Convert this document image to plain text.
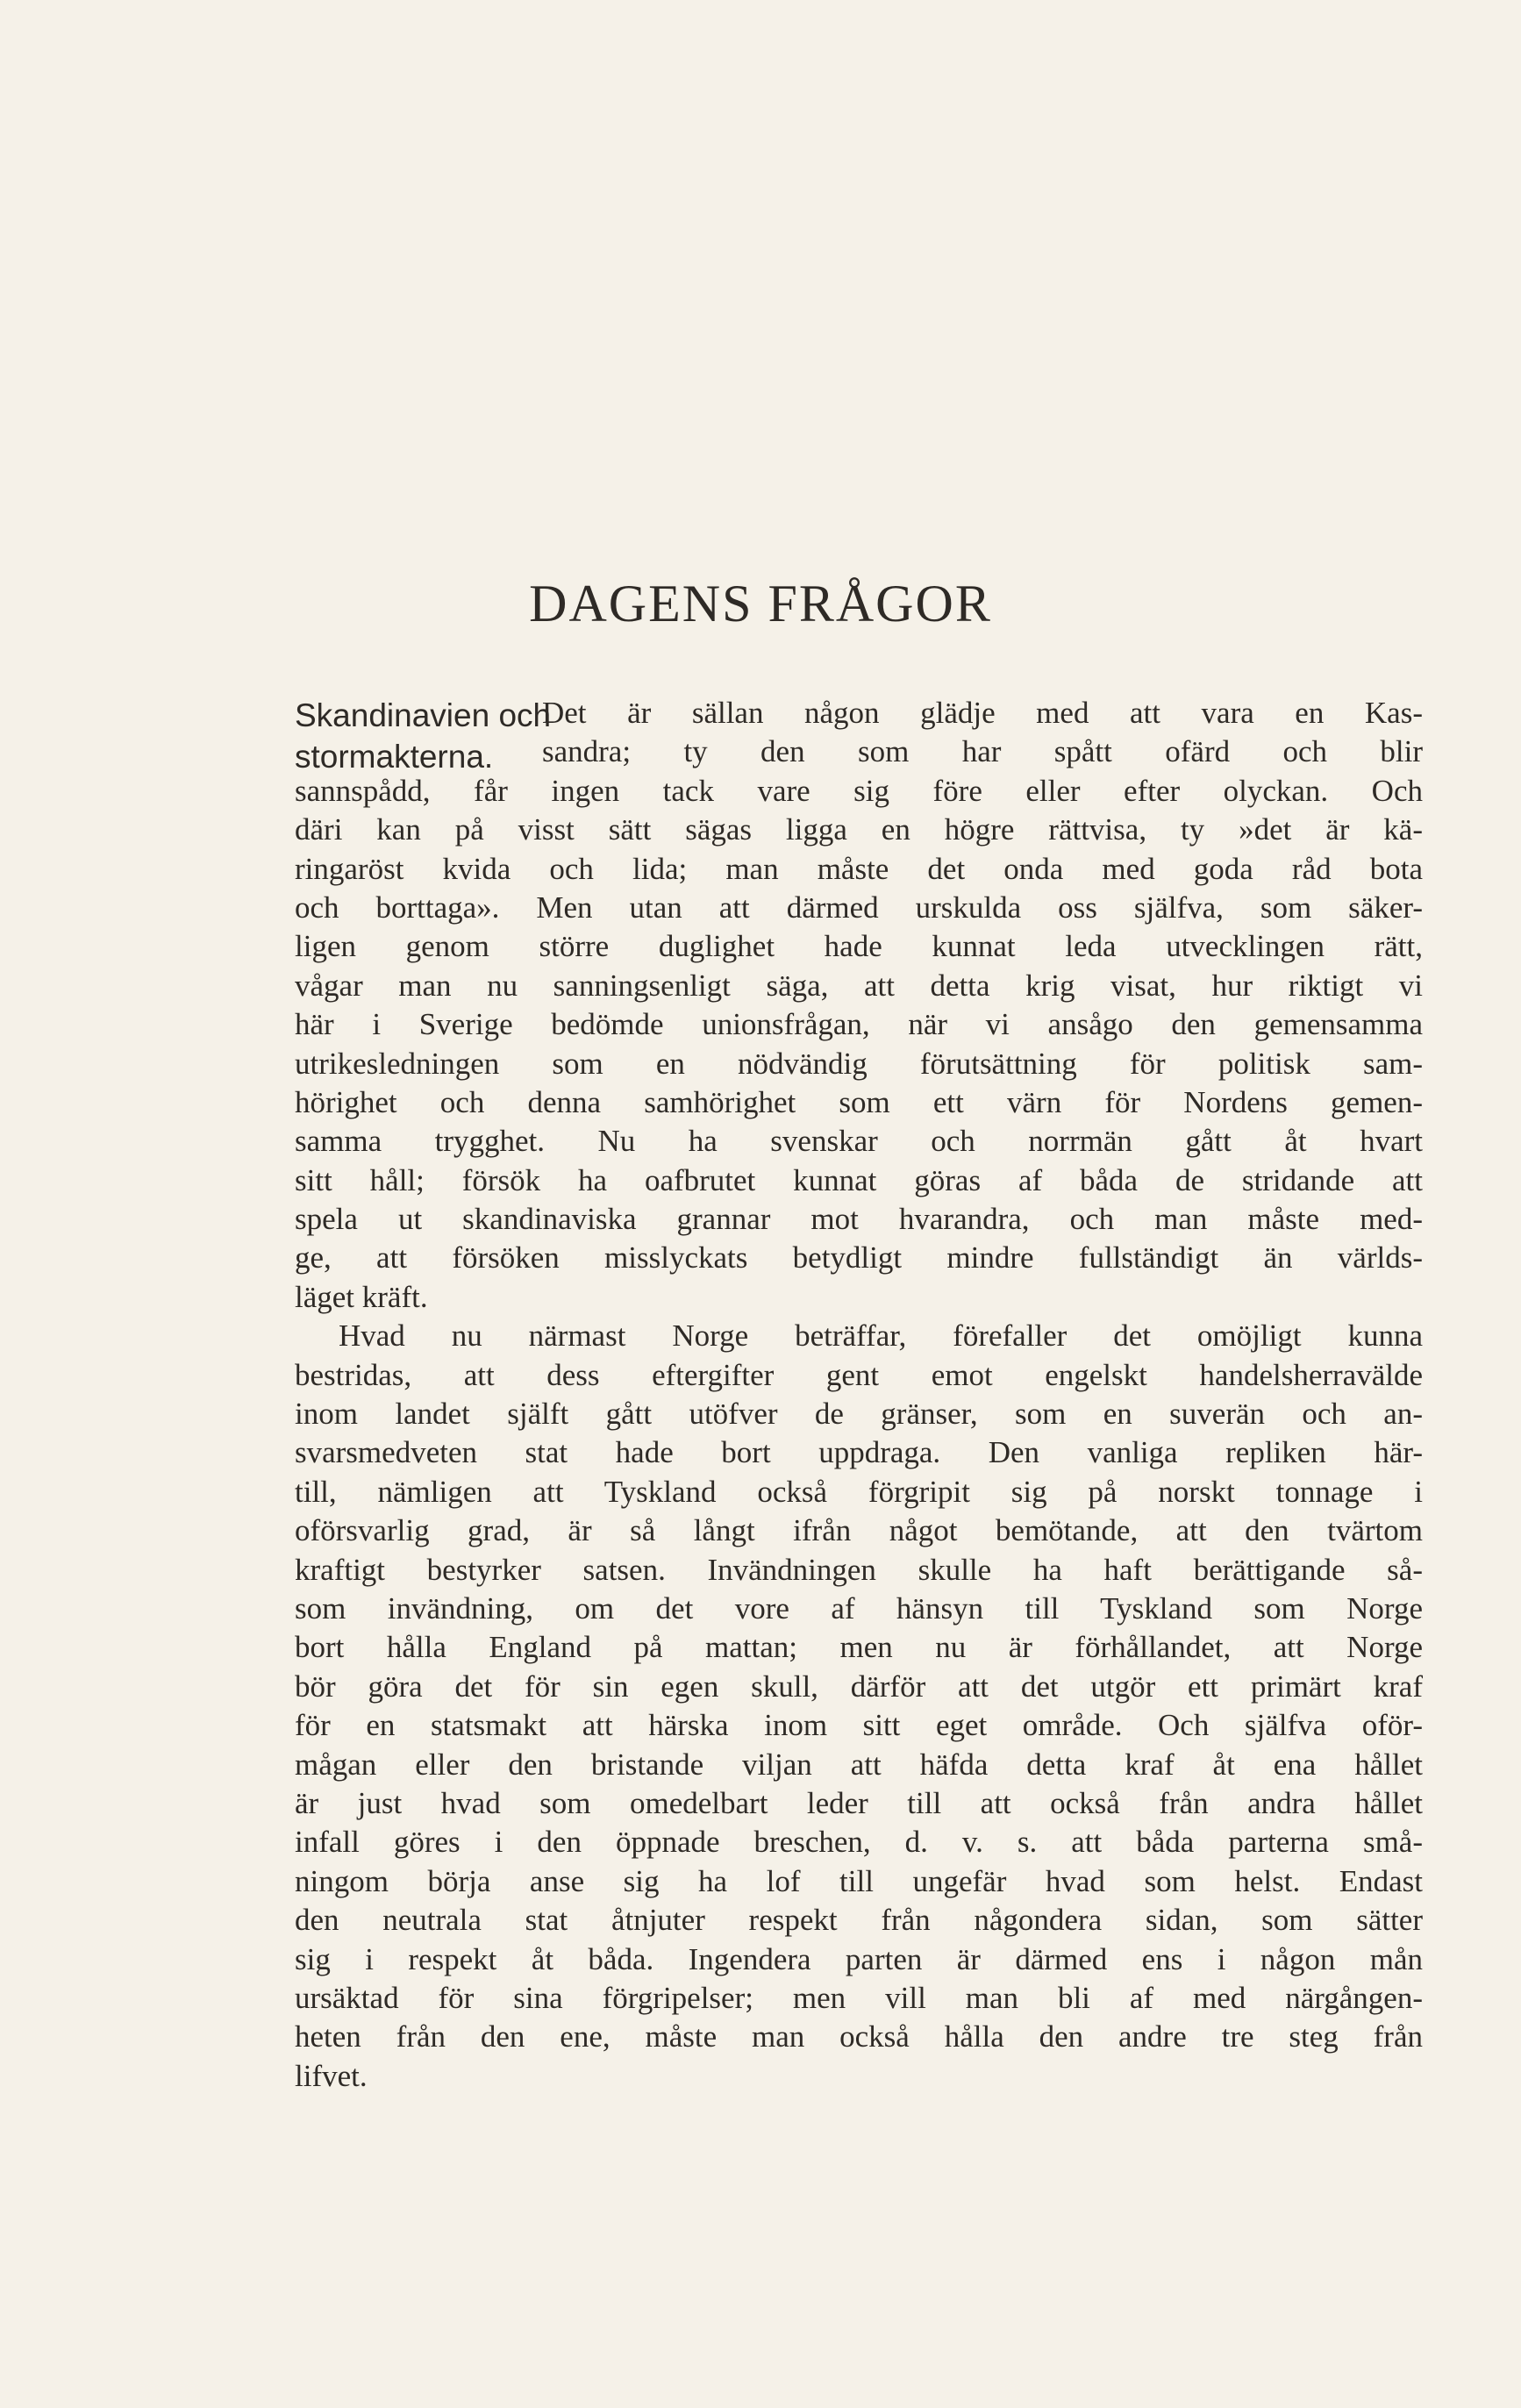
DAGENS FRÅGOR
Skandinavien och
stormakterna.
Det är sällan någon glädje med att vara en Kas-
sandra; ty den som har spått ofärd och blir
sannspådd, får ingen tack vare sig före eller efter olyckan. Och
däri kan på visst sätt sägas ligga en högre rättvisa, ty »det är kä-
ringaröst kvida och lida; man måste det onda med goda råd bota
och borttaga». Men utan att därmed urskulda oss själfva, som säker-
ligen genom större duglighet hade kunnat leda utvecklingen rätt,
vågar man nu sanningsenligt säga, att detta krig visat, hur riktigt vi
här i Sverige bedömde unionsfrågan, när vi ansågo den gemensamma
utrikesledningen som en nödvändig förutsättning för politisk sam-
hörighet och denna samhörighet som ett värn för Nordens gemen-
samma trygghet. Nu ha svenskar och norrmän gått åt hvart
sitt håll; försök ha oafbrutet kunnat göras af båda de stridande att
spela ut skandinaviska grannar mot hvarandra, och man måste med-
ge, att försöken misslyckats betydligt mindre fullständigt än världs-
läget kräft.
Hvad nu närmast Norge beträffar, förefaller det omöjligt kunna
bestridas, att dess eftergifter gent emot engelskt handelsherravälde
inom landet själft gått utöfver de gränser, som en suverän och an-
svarsmedveten stat hade bort uppdraga. Den vanliga repliken här-
till, nämligen att Tyskland också förgripit sig på norskt tonnage i
oförsvarlig grad, är så långt ifrån något bemötande, att den tvärtom
kraftigt bestyrker satsen. Invändningen skulle ha haft berättigande så-
som invändning, om det vore af hänsyn till Tyskland som Norge
bort hålla England på mattan; men nu är förhållandet, att Norge
bör göra det för sin egen skull, därför att det utgör ett primärt kraf
för en statsmakt att härska inom sitt eget område. Och själfva oför-
mågan eller den bristande viljan att häfda detta kraf åt ena hållet
är just hvad som omedelbart leder till att också från andra hållet
infall göres i den öppnade breschen, d. v. s. att båda parterna små-
ningom börja anse sig ha lof till ungefär hvad som helst. Endast
den neutrala stat åtnjuter respekt från någondera sidan, som sätter
sig i respekt åt båda. Ingendera parten är därmed ens i någon mån
ursäktad för sina förgripelser; men vill man bli af med närgången-
heten från den ene, måste man också hålla den andre tre steg från
lifvet.
